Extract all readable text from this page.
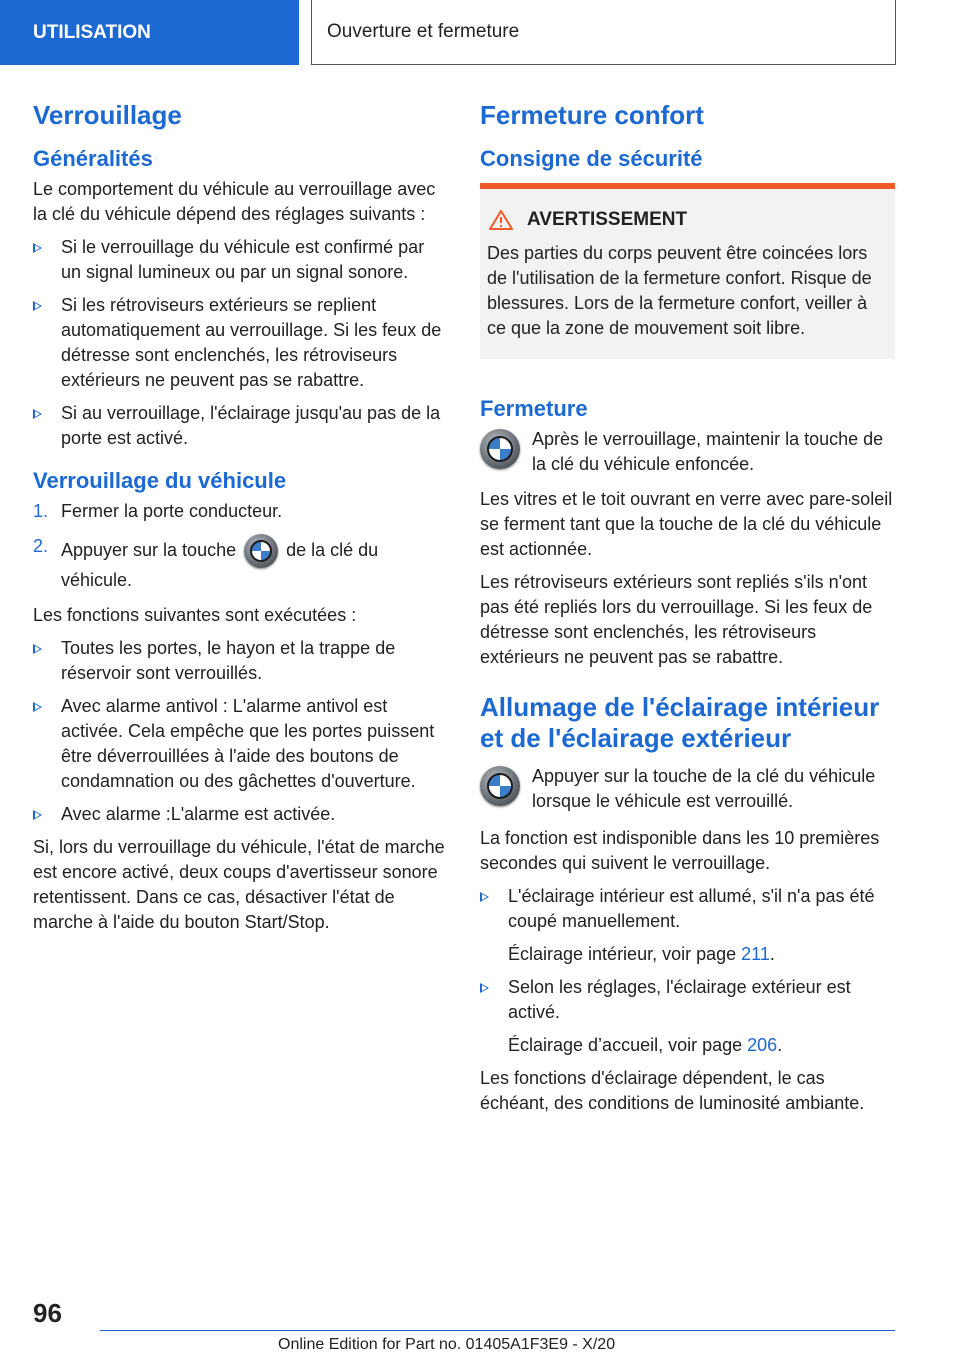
UTILISATION	Ouverture et fermeture
Verrouillage
Généralités

Le comportement du véhicule au verrouillage avec la clé du véhicule dépend des réglages suivants :

Si le verrouillage du véhicule est confirmé par un signal lumineux ou par un signal sonore.
Si les rétroviseurs extérieurs se replient automatiquement au verrouillage. Si les feux de détresse sont enclenchés, les rétroviseurs extérieurs ne peuvent pas se rabattre.
Si au verrouillage, l'éclairage jusqu'au pas de la porte est activé.
Verrouillage du véhicule
1. Fermer la porte conducteur.
2. Appuyer sur la touche	de la clé du véhicule.

Les fonctions suivantes sont exécutées :

Toutes les portes, le hayon et la trappe de réservoir sont verrouillés.
Avec alarme antivol : L'alarme antivol est activée. Cela empêche que les portes puissent être déverrouillées à l'aide des boutons de condamnation ou des gâchettes d'ouverture.
Avec alarme :L'alarme est activée.

Si, lors du verrouillage du véhicule, l'état de marche est encore activé, deux coups d'avertisseur sonore retentissent. Dans ce cas, désactiver l'état de marche à l'aide du bouton Start/Stop.

Fermeture confort
Consigne de sécurité
AVERTISSEMENT

Des parties du corps peuvent être coincées lors de l'utilisation de la fermeture confort. Risque de blessures. Lors de la fermeture confort, veiller à ce que la zone de mouvement soit libre.

Fermeture

Après le verrouillage, maintenir la touche de la clé du véhicule enfoncée.

Les vitres et le toit ouvrant en verre avec pare-soleil se ferment tant que la touche de la clé du véhicule est actionnée.

Les rétroviseurs extérieurs sont repliés s'ils n'ont pas été repliés lors du verrouillage. Si les feux de détresse sont enclenchés, les rétroviseurs extérieurs ne peuvent pas se rabattre.

Allumage de l'éclairage intérieur et de l'éclairage extérieur

Appuyer sur la touche de la clé du véhicule lorsque le véhicule est verrouillé.

La fonction est indisponible dans les 10 premières secondes qui suivent le verrouillage.

L'éclairage intérieur est allumé, s'il n'a pas été coupé manuellement.
Éclairage intérieur, voir page 211.
Selon les réglages, l'éclairage extérieur est activé.
Éclairage d’accueil, voir page 206.

Les fonctions d'éclairage dépendent, le cas échéant, des conditions de luminosité ambiante.

96
Online Edition for Part no. 01405A1F3E9 - X/20
